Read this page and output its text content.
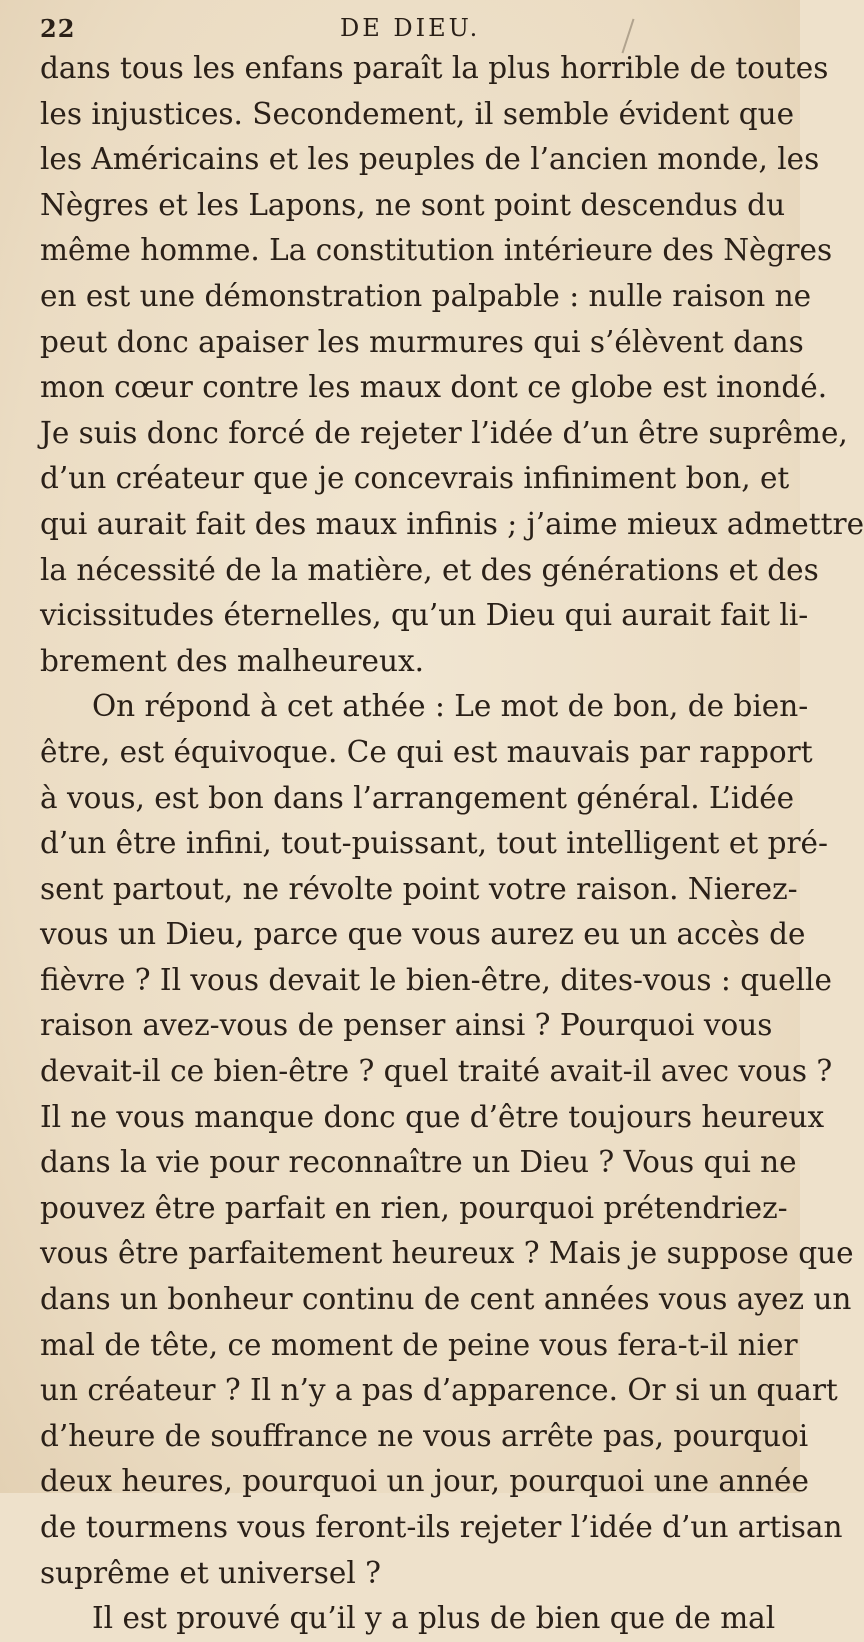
22	DE DIEU.
dans tous les enfans paraît la plus horrible de toutes
les injustices. Secondement, il semble évident que
les Américains et les peuples de l’ancien monde, les
Nègres et les Lapons, ne sont point descendus du
même homme. La constitution intérieure des Nègres
en est une démonstration palpable : nulle raison ne
peut donc apaiser les murmures qui s’élèvent dans
mon cœur contre les maux dont ce globe est inondé.
Je suis donc forcé de rejeter l’idée d’un être suprême,
d’un créateur que je concevrais infiniment bon, et
qui aurait fait des maux infinis ; j’aime mieux admettre
la nécessité de la matière, et des générations et des
vicissitudes éternelles, qu’un Dieu qui aurait fait li-
brement des malheureux.
On répond à cet athée : Le mot de bon, de bien-
être, est équivoque. Ce qui est mauvais par rapport
à vous, est bon dans l’arrangement général. L’idée
d’un être infini, tout-puissant, tout intelligent et pré-
sent partout, ne révolte point votre raison. Nierez-
vous un Dieu, parce que vous aurez eu un accès de
fièvre ? Il vous devait le bien-être, dites-vous : quelle
raison avez-vous de penser ainsi ? Pourquoi vous
devait-il ce bien-être ? quel traité avait-il avec vous ?
Il ne vous manque donc que d’être toujours heureux
dans la vie pour reconnaître un Dieu ? Vous qui ne
pouvez être parfait en rien, pourquoi prétendriez-
vous être parfaitement heureux ? Mais je suppose que
dans un bonheur continu de cent années vous ayez un
mal de tête, ce moment de peine vous fera-t-il nier
un créateur ? Il n’y a pas d’apparence. Or si un quart
d’heure de souffrance ne vous arrête pas, pourquoi
deux heures, pourquoi un jour, pourquoi une année
de tourmens vous feront-ils rejeter l’idée d’un artisan
suprême et universel ?
Il est prouvé qu’il y a plus de bien que de mal
